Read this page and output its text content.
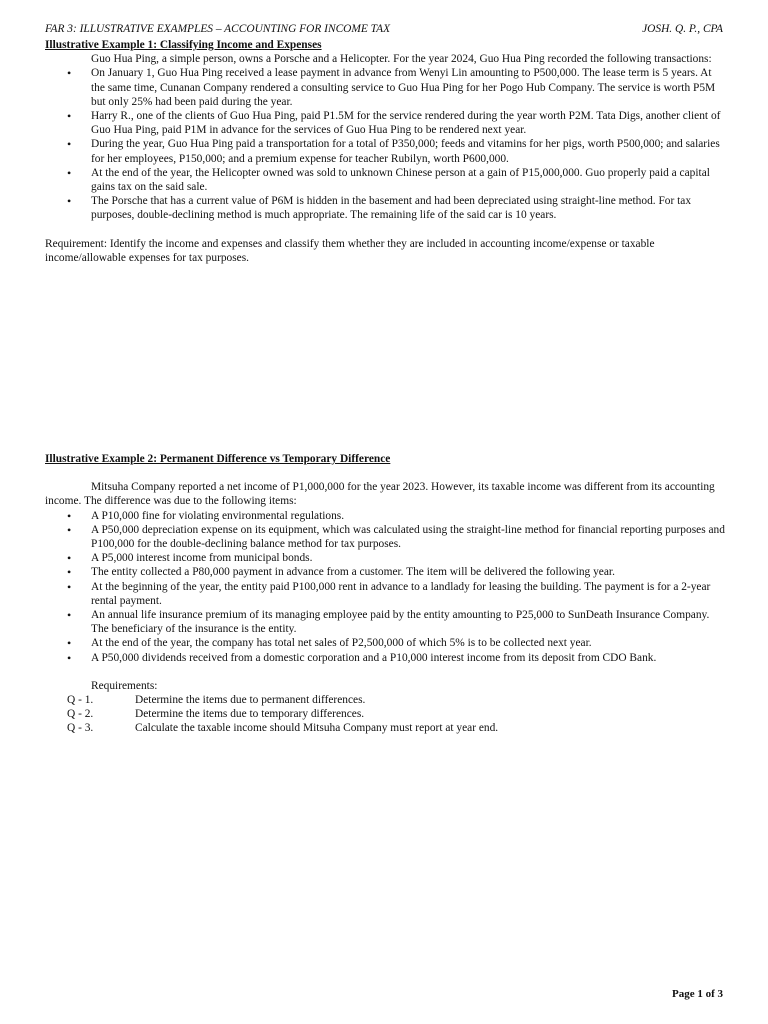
FAR 3: ILLUSTRATIVE EXAMPLES – ACCOUNTING FOR INCOME TAX	JOSH. Q. P., CPA
Illustrative Example 1: Classifying Income and Expenses
Guo Hua Ping, a simple person, owns a Porsche and a Helicopter. For the year 2024, Guo Hua Ping recorded the following transactions:
• On January 1, Guo Hua Ping received a lease payment in advance from Wenyi Lin amounting to P500,000. The lease term is 5 years. At the same time, Cunanan Company rendered a consulting service to Guo Hua Ping for her Pogo Hub Company. The service is worth P5M but only 25% had been paid during the year.
• Harry R., one of the clients of Guo Hua Ping, paid P1.5M for the service rendered during the year worth P2M. Tata Digs, another client of Guo Hua Ping, paid P1M in advance for the services of Guo Hua Ping to be rendered next year.
• During the year, Guo Hua Ping paid a transportation for a total of P350,000; feeds and vitamins for her pigs, worth P500,000; and salaries for her employees, P150,000; and a premium expense for teacher Rubilyn, worth P600,000.
• At the end of the year, the Helicopter owned was sold to unknown Chinese person at a gain of P15,000,000. Guo properly paid a capital gains tax on the said sale.
• The Porsche that has a current value of P6M is hidden in the basement and had been depreciated using straight-line method. For tax purposes, double-declining method is much appropriate. The remaining life of the said car is 10 years.
Requirement: Identify the income and expenses and classify them whether they are included in accounting income/expense or taxable income/allowable expenses for tax purposes.
Illustrative Example 2: Permanent Difference vs Temporary Difference
Mitsuha Company reported a net income of P1,000,000 for the year 2023. However, its taxable income was different from its accounting income. The difference was due to the following items:
• A P10,000 fine for violating environmental regulations.
• A P50,000 depreciation expense on its equipment, which was calculated using the straight-line method for financial reporting purposes and P100,000 for the double-declining balance method for tax purposes.
• A P5,000 interest income from municipal bonds.
• The entity collected a P80,000 payment in advance from a customer. The item will be delivered the following year.
• At the beginning of the year, the entity paid P100,000 rent in advance to a landlady for leasing the building. The payment is for a 2-year rental payment.
• An annual life insurance premium of its managing employee paid by the entity amounting to P25,000 to SunDeath Insurance Company. The beneficiary of the insurance is the entity.
• At the end of the year, the company has total net sales of P2,500,000 of which 5% is to be collected next year.
• A P50,000 dividends received from a domestic corporation and a P10,000 interest income from its deposit from CDO Bank.
Requirements:
Q - 1.	Determine the items due to permanent differences.
Q - 2.	Determine the items due to temporary differences.
Q - 3.	Calculate the taxable income should Mitsuha Company must report at year end.
Page 1 of 3
